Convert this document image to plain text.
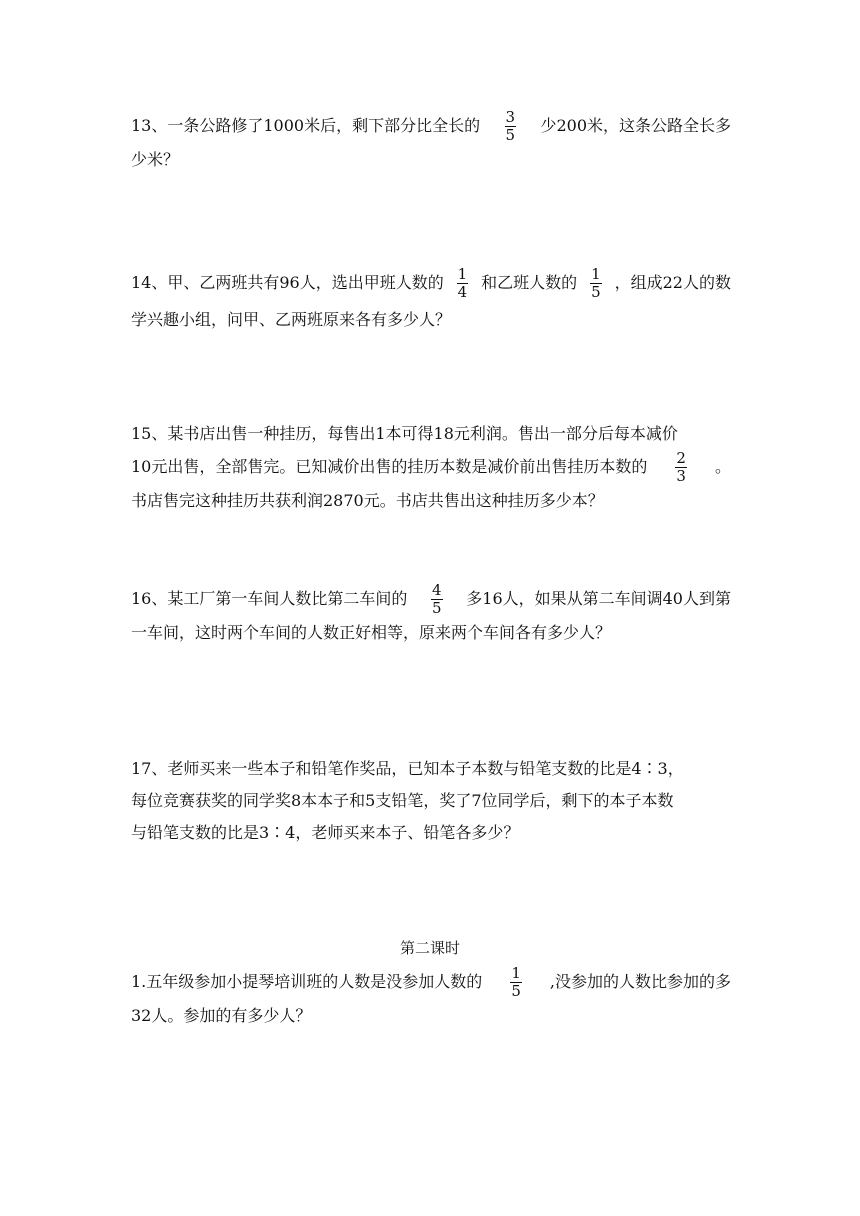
13、一条公路修了1000米后，剩下部分比全长的 $\frac{3}{5}$ 少200米，这条公路全长多
少米？
14、甲、乙两班共有96人，选出甲班人数的 $\frac{1}{4}$ 和乙班人数的 $\frac{1}{5}$ ，组成22人的数
学兴趣小组，问甲、乙两班原来各有多少人？
15、某书店出售一种挂历，每售出1本可得18元利润。售出一部分后每本减价
10元出售，全部售完。已知减价出售的挂历本数是减价前出售挂历本数的 $\frac{2}{3}$ 。
书店售完这种挂历共获利润2870元。书店共售出这种挂历多少本？
16、某工厂第一车间人数比第二车间的 $\frac{4}{5}$ 多16人，如果从第二车间调40人到第
一车间，这时两个车间的人数正好相等，原来两个车间各有多少人？
17、老师买来一些本子和铅笔作奖品，已知本子本数与铅笔支数的比是4∶3，
每位竞赛获奖的同学奖8本本子和5支铅笔，奖了7位同学后，剩下的本子本数
与铅笔支数的比是3∶4，老师买来本子、铅笔各多少？
第二课时
1.五年级参加小提琴培训班的人数是没参加人数的 $\frac{1}{5}$ ,没参加的人数比参加的多
32人。参加的有多少人？
